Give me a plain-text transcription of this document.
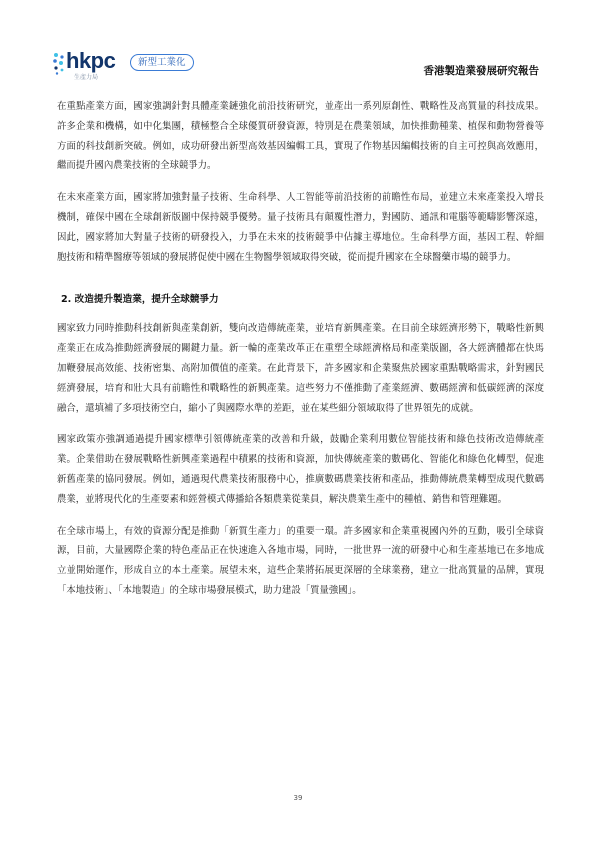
hkpc
生產力局
新型工業化
香港製造業發展研究報告

在重點產業方面，國家強調針對具體產業鏈強化前沿技術研究，並產出一系列原創性、戰略性及高質量的科技成果。許多企業和機構，如中化集團，積極整合全球優質研發資源，特別是在農業領域，加快推動種業、植保和動物營養等方面的科技創新突破。例如，成功研發出新型高效基因編輯工具，實現了作物基因編輯技術的自主可控與高效應用，繼而提升國內農業技術的全球競爭力。

在未來產業方面，國家將加強對量子技術、生命科學、人工智能等前沿技術的前瞻性布局，並建立未來產業投入增長機制，確保中國在全球創新版圖中保持競爭優勢。量子技術具有顛覆性潛力，對國防、通訊和電腦等範疇影響深遠，因此，國家將加大對量子技術的研發投入，力爭在未來的技術競爭中佔據主導地位。生命科學方面，基因工程、幹細胞技術和精準醫療等領域的發展將促使中國在生物醫學領域取得突破，從而提升國家在全球醫藥市場的競爭力。

2. 改造提升製造業，提升全球競爭力

國家致力同時推動科技創新與產業創新，雙向改造傳統產業，並培育新興產業。在目前全球經濟形勢下，戰略性新興產業正在成為推動經濟發展的關鍵力量。新一輪的產業改革正在重塑全球經濟格局和產業版圖，各大經濟體都在快馬加鞭發展高效能、技術密集、高附加價值的產業。在此背景下，許多國家和企業聚焦於國家重點戰略需求，針對國民經濟發展，培育和壯大具有前瞻性和戰略性的新興產業。這些努力不僅推動了產業經濟、數碼經濟和低碳經濟的深度融合，還填補了多項技術空白，縮小了與國際水準的差距，並在某些細分領域取得了世界領先的成就。

國家政策亦強調通過提升國家標準引領傳統產業的改善和升級，鼓勵企業利用數位智能技術和綠色技術改造傳統產業。企業借助在發展戰略性新興產業過程中積累的技術和資源，加快傳統產業的數碼化、智能化和綠色化轉型，促進新舊產業的協同發展。例如，通過現代農業技術服務中心，推廣數碼農業技術和產品，推動傳統農業轉型成現代數碼農業，並將現代化的生產要素和經營模式傳播給各類農業從業員，解決農業生產中的種植、銷售和管理難題。

在全球市場上，有效的資源分配是推動「新質生產力」的重要一環。許多國家和企業重視國內外的互動，吸引全球資源，目前，大量國際企業的特色產品正在快速進入各地市場，同時，一批世界一流的研發中心和生產基地已在多地成立並開始運作，形成自立的本土產業。展望未來，這些企業將拓展更深層的全球業務，建立一批高質量的品牌，實現「本地技術」、「本地製造」的全球市場發展模式，助力建設「質量強國」。

39
